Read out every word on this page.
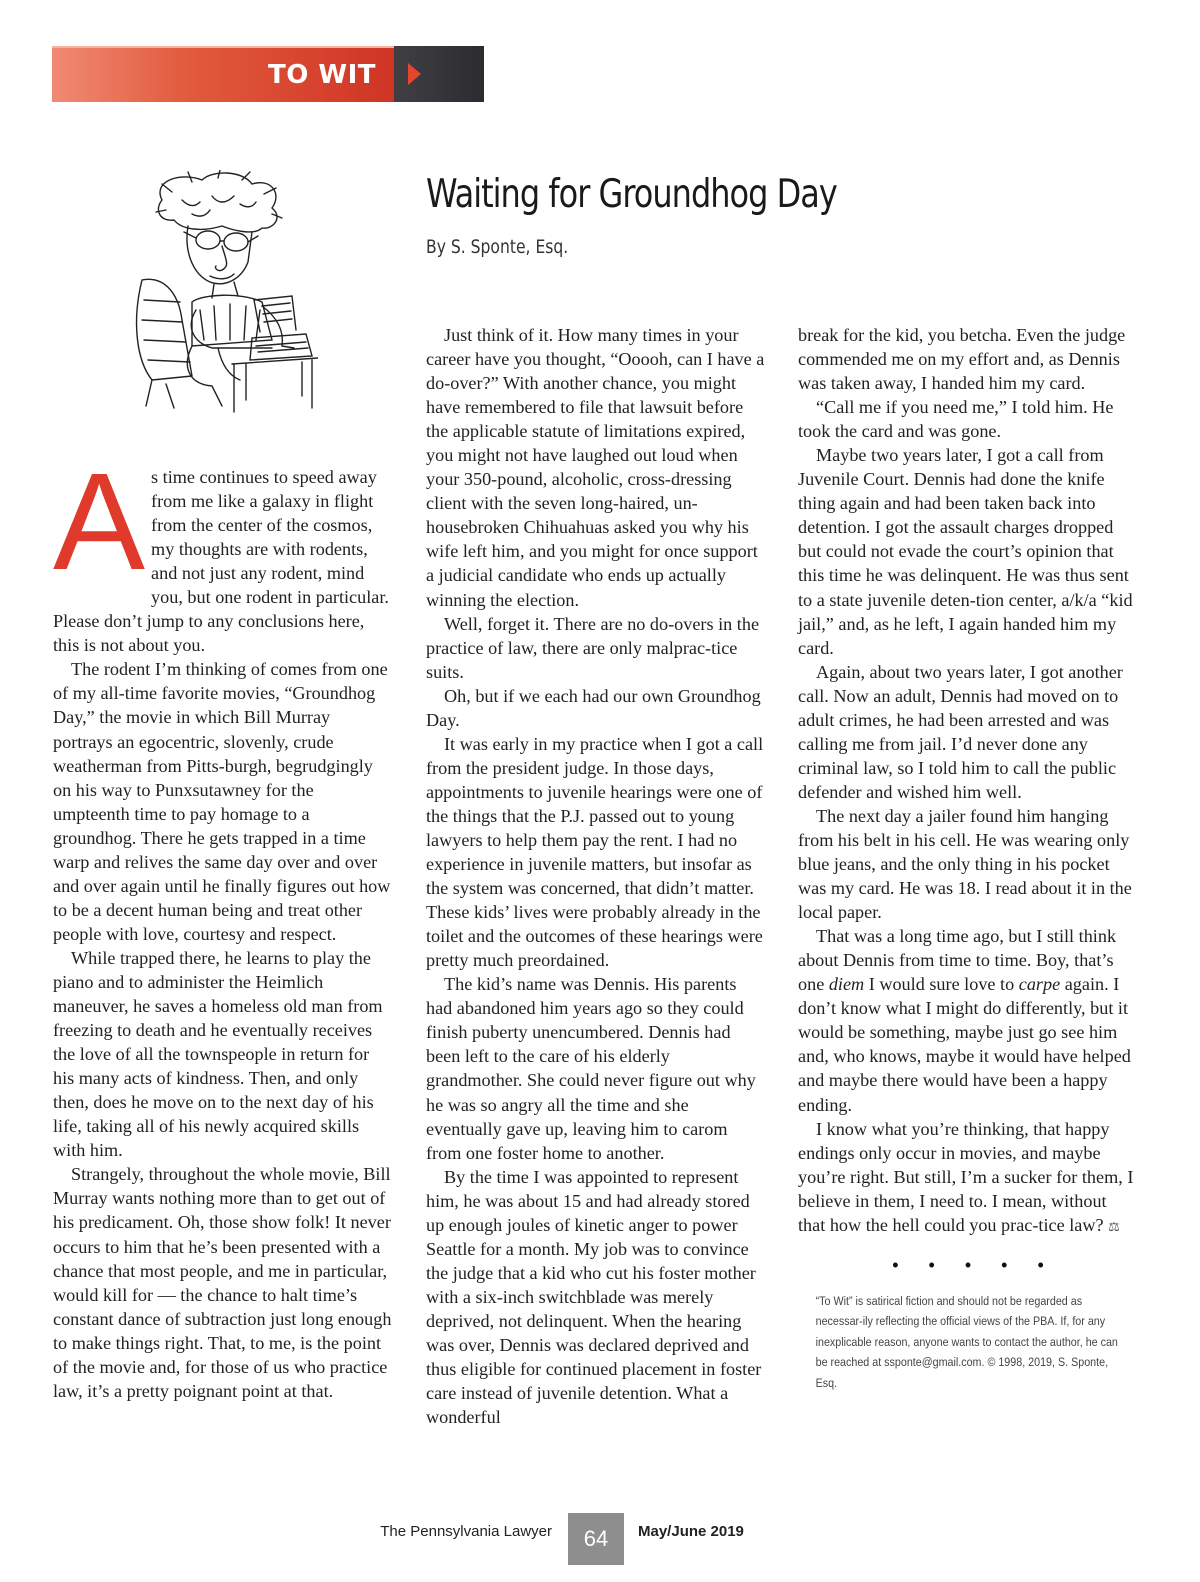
TO WIT
Waiting for Groundhog Day
By S. Sponte, Esq.

As time continues to speed away from me like a galaxy in flight from the center of the cosmos, my thoughts are with rodents, and not just any rodent, mind you, but one rodent in particular. Please don’t jump to any conclusions here, this is not about you.

The rodent I’m thinking of comes from one of my all-time favorite movies, “Groundhog Day,” the movie in which Bill Murray portrays an egocentric, slovenly, crude weatherman from Pitts-burgh, begrudgingly on his way to Punxsutawney for the umpteenth time to pay homage to a groundhog. There he gets trapped in a time warp and relives the same day over and over and over again until he finally figures out how to be a decent human being and treat other people with love, courtesy and respect.

While trapped there, he learns to play the piano and to administer the Heimlich maneuver, he saves a homeless old man from freezing to death and he eventually receives the love of all the townspeople in return for his many acts of kindness. Then, and only then, does he move on to the next day of his life, taking all of his newly acquired skills with him.

Strangely, throughout the whole movie, Bill Murray wants nothing more than to get out of his predicament. Oh, those show folk! It never occurs to him that he’s been presented with a chance that most people, and me in particular, would kill for — the chance to halt time’s constant dance of subtraction just long enough to make things right. That, to me, is the point of the movie and, for those of us who practice law, it’s a pretty poignant point at that.

Just think of it. How many times in your career have you thought, “Ooooh, can I have a do-over?” With another chance, you might have remembered to file that lawsuit before the applicable statute of limitations expired, you might not have laughed out loud when your 350-pound, alcoholic, cross-dressing client with the seven long-haired, un-housebroken Chihuahuas asked you why his wife left him, and you might for once support a judicial candidate who ends up actually winning the election.

Well, forget it. There are no do-overs in the practice of law, there are only malprac-tice suits.

Oh, but if we each had our own Groundhog Day.

It was early in my practice when I got a call from the president judge. In those days, appointments to juvenile hearings were one of the things that the P.J. passed out to young lawyers to help them pay the rent. I had no experience in juvenile matters, but insofar as the system was concerned, that didn’t matter. These kids’ lives were probably already in the toilet and the outcomes of these hearings were pretty much preordained.

The kid’s name was Dennis. His parents had abandoned him years ago so they could finish puberty unencumbered. Dennis had been left to the care of his elderly grandmother. She could never figure out why he was so angry all the time and she eventually gave up, leaving him to carom from one foster home to another.

By the time I was appointed to represent him, he was about 15 and had already stored up enough joules of kinetic anger to power Seattle for a month. My job was to convince the judge that a kid who cut his foster mother with a six-inch switchblade was merely deprived, not delinquent. When the hearing was over, Dennis was declared deprived and thus eligible for continued placement in foster care instead of juvenile detention. What a wonderful

break for the kid, you betcha. Even the judge commended me on my effort and, as Dennis was taken away, I handed him my card.

“Call me if you need me,” I told him. He took the card and was gone.

Maybe two years later, I got a call from Juvenile Court. Dennis had done the knife thing again and had been taken back into detention. I got the assault charges dropped but could not evade the court’s opinion that this time he was delinquent. He was thus sent to a state juvenile deten-tion center, a/k/a “kid jail,” and, as he left, I again handed him my card.

Again, about two years later, I got another call. Now an adult, Dennis had moved on to adult crimes, he had been arrested and was calling me from jail. I’d never done any criminal law, so I told him to call the public defender and wished him well.

The next day a jailer found him hanging from his belt in his cell. He was wearing only blue jeans, and the only thing in his pocket was my card. He was 18. I read about it in the local paper.

That was a long time ago, but I still think about Dennis from time to time. Boy, that’s one diem I would sure love to carpe again. I don’t know what I might do differently, but it would be something, maybe just go see him and, who knows, maybe it would have helped and maybe there would have been a happy ending.

I know what you’re thinking, that happy endings only occur in movies, and maybe you’re right. But still, I’m a sucker for them, I believe in them, I need to. I mean, without that how the hell could you prac-tice law? ⚖

•••••
“To Wit” is satirical fiction and should not be regarded as necessar-ily reflecting the official views of the PBA. If, for any inexplicable reason, anyone wants to contact the author, he can be reached at ssponte@gmail.com. © 1998, 2019, S. Sponte, Esq.
The Pennsylvania Lawyer	64	May/June 2019
